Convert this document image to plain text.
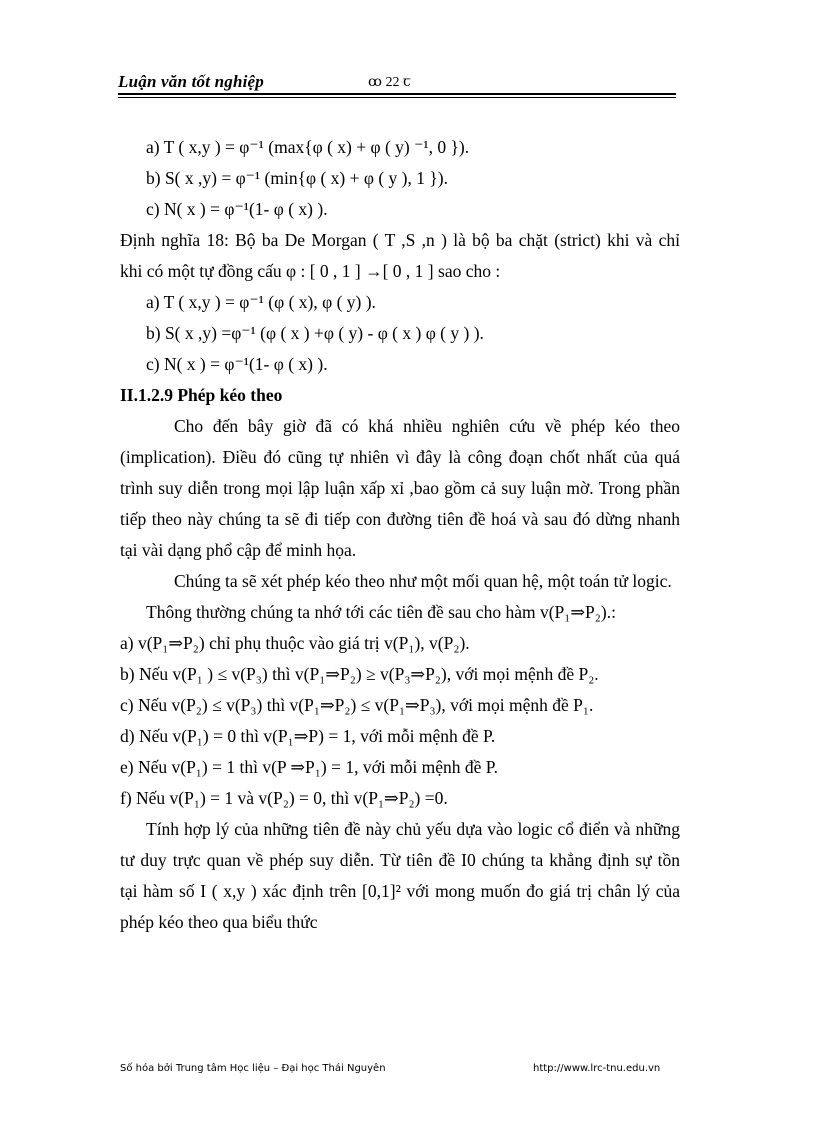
Luận văn tốt nghiệp	ꝏ 22 ꞇ
a) T ( x,y ) = φ⁻¹ (max{φ ( x) + φ ( y) ⁻¹, 0 }).
b) S( x ,y) = φ⁻¹ (min{φ ( x) + φ ( y ), 1 }).
c) N( x ) = φ⁻¹(1- φ ( x) ).
Định nghĩa 18: Bộ ba De Morgan ( T ,S ,n ) là bộ ba chặt (strict) khi và chỉ
khi có một tự đồng cấu φ : [ 0 , 1 ] →[ 0 , 1 ] sao cho :
a) T ( x,y ) = φ⁻¹ (φ ( x), φ ( y) ).
b) S( x ,y) =φ⁻¹ (φ ( x ) +φ ( y) - φ ( x ) φ ( y ) ).
c) N( x ) = φ⁻¹(1- φ ( x) ).
II.1.2.9 Phép kéo theo
Cho đến bây giờ đã có khá nhiều nghiên cứu về phép kéo theo
(implication). Điều đó cũng tự nhiên vì đây là công đoạn chốt nhất của quá
trình suy diễn trong mọi lập luận xấp xỉ ,bao gồm cả suy luận mờ. Trong phần
tiếp theo này chúng ta sẽ đi tiếp con đường tiên đề hoá và sau đó dừng nhanh
tại vài dạng phổ cập để minh họa.
Chúng ta sẽ xét phép kéo theo như một mối quan hệ, một toán tử logic.
Thông thường chúng ta nhớ tới các tiên đề sau cho hàm v(P₁⇒P₂).:
a) v(P₁⇒P₂) chỉ phụ thuộc vào giá trị v(P₁), v(P₂).
b) Nếu v(P₁ ) ≤ v(P₃) thì v(P₁⇒P₂) ≥ v(P₃⇒P₂), với mọi mệnh đề P₂.
c) Nếu v(P₂) ≤ v(P₃) thì v(P₁⇒P₂) ≤ v(P₁⇒P₃), với mọi mệnh đề P₁.
d) Nếu v(P₁) = 0 thì v(P₁⇒P) = 1, với mỗi mệnh đề P.
e) Nếu v(P₁) = 1 thì v(P ⇒P₁) = 1, với mỗi mệnh đề P.
f) Nếu v(P₁) = 1 và v(P₂) = 0, thì v(P₁⇒P₂) =0.
Tính hợp lý của những tiên đề này chủ yếu dựa vào logic cổ điển và những
tư duy trực quan về phép suy diễn. Từ tiên đề I0 chúng ta khẳng định sự tồn
tại hàm số I ( x,y ) xác định trên [0,1]² với mong muốn đo giá trị chân lý của
phép kéo theo qua biểu thức
Số hóa bởi Trung tâm Học liệu – Đại học Thái Nguyên	http://www.lrc-tnu.edu.vn
